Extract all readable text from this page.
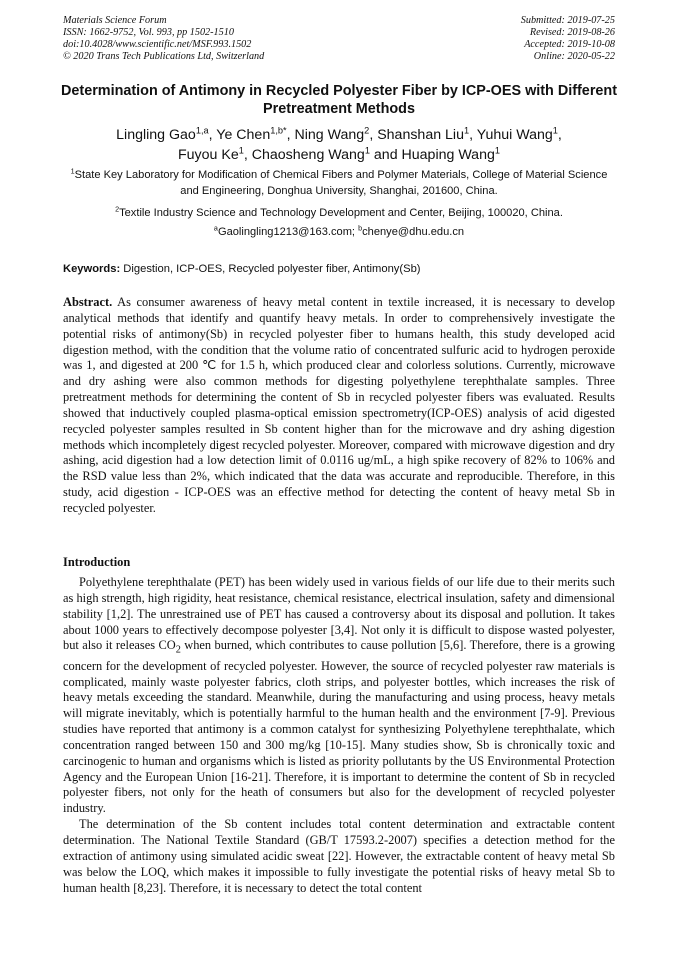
Materials Science Forum
ISSN: 1662-9752, Vol. 993, pp 1502-1510
doi:10.4028/www.scientific.net/MSF.993.1502
© 2020 Trans Tech Publications Ltd, Switzerland
Submitted: 2019-07-25
Revised: 2019-08-26
Accepted: 2019-10-08
Online: 2020-05-22
Determination of Antimony in Recycled Polyester Fiber by ICP-OES with Different Pretreatment Methods
Lingling Gao$^{1,a}$, Ye Chen$^{1,b*}$, Ning Wang$^2$, Shanshan Liu$^1$, Yuhui Wang$^1$,
Fuyou Ke$^1$, Chaosheng Wang$^1$ and Huaping Wang$^1$
$^1$State Key Laboratory for Modification of Chemical Fibers and Polymer Materials, College of Material Science and Engineering, Donghua University, Shanghai, 201600, China.
$^2$Textile Industry Science and Technology Development and Center, Beijing, 100020, China.
$^a$Gaolingling1213@163.com; $^b$chenye@dhu.edu.cn
Keywords: Digestion, ICP-OES, Recycled polyester fiber, Antimony(Sb)

Abstract. As consumer awareness of heavy metal content in textile increased, it is necessary to develop analytical methods that identify and quantify heavy metals. In order to comprehensively investigate the potential risks of antimony(Sb) in recycled polyester fiber to humans health, this study developed acid digestion method, with the condition that the volume ratio of concentrated sulfuric acid to hydrogen peroxide was 1, and digested at 200 ℃ for 1.5 h, which produced clear and colorless solutions. Currently, microwave and dry ashing were also common methods for digesting polyethylene terephthalate samples. Three pretreatment methods for determining the content of Sb in recycled polyester fibers was evaluated. Results showed that inductively coupled plasma-optical emission spectrometry(ICP-OES) analysis of acid digested recycled polyester samples resulted in Sb content higher than for the microwave and dry ashing digestion methods which incompletely digest recycled polyester. Moreover, compared with microwave digestion and dry ashing, acid digestion had a low detection limit of 0.0116 ug/mL, a high spike recovery of 82% to 106% and the RSD value less than 2%, which indicated that the data was accurate and reproducible. Therefore, in this study, acid digestion - ICP-OES was an effective method for detecting the content of heavy metal Sb in recycled polyester.

Introduction

Polyethylene terephthalate (PET) has been widely used in various fields of our life due to their merits such as high strength, high rigidity, heat resistance, chemical resistance, electrical insulation, safety and dimensional stability [1,2]. The unrestrained use of PET has caused a controversy about its disposal and pollution. It takes about 1000 years to effectively decompose polyester [3,4]. Not only it is difficult to dispose wasted polyester, but also it releases $CO_2$ when burned, which contributes to cause pollution [5,6]. Therefore, there is a growing concern for the development of recycled polyester. However, the source of recycled polyester raw materials is complicated, mainly waste polyester fabrics, cloth strips, and polyester bottles, which increases the risk of heavy metals exceeding the standard. Meanwhile, during the manufacturing and using process, heavy metals will migrate inevitably, which is potentially harmful to the human health and the environment [7-9]. Previous studies have reported that antimony is a common catalyst for synthesizing Polyethylene terephthalate, which concentration ranged between 150 and 300 mg/kg [10-15]. Many studies show, Sb is chronically toxic and carcinogenic to human and organisms which is listed as priority pollutants by the US Environmental Protection Agency and the European Union [16-21]. Therefore, it is important to determine the content of Sb in recycled polyester fibers, not only for the heath of consumers but also for the development of recycled polyester industry.

The determination of the Sb content includes total content determination and extractable content determination. The National Textile Standard (GB/T 17593.2-2007) specifies a detection method for the extraction of antimony using simulated acidic sweat [22]. However, the extractable content of heavy metal Sb was below the LOQ, which makes it impossible to fully investigate the potential risks of heavy metal Sb to human health [8,23]. Therefore, it is necessary to detect the total content
